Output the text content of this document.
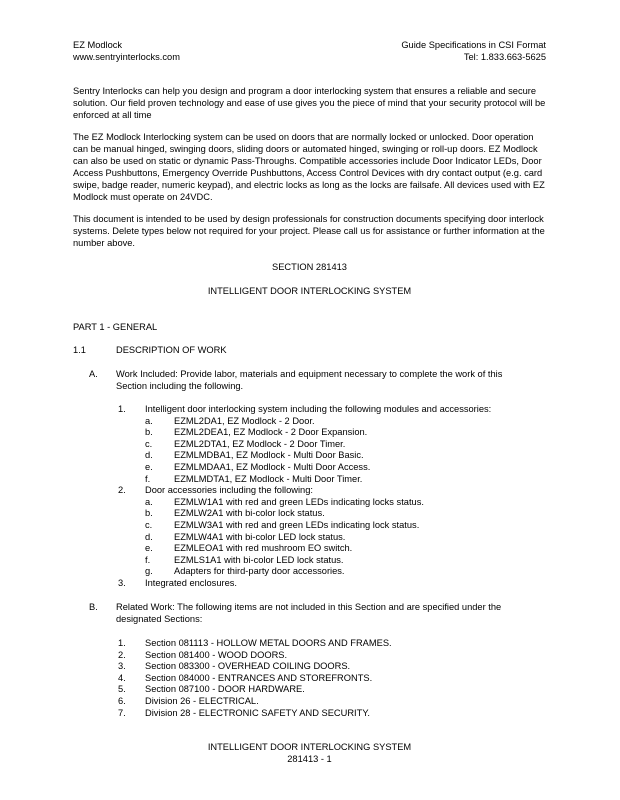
EZ Modlock
www.sentryinterlocks.com
Guide Specifications in CSI Format
Tel: 1.833.663-5625

Sentry Interlocks can help you design and program a door interlocking system that ensures a reliable and secure solution. Our field proven technology and ease of use gives you the piece of mind that your security protocol will be enforced at all time

The EZ Modlock Interlocking system can be used on doors that are normally locked or unlocked. Door operation can be manual hinged, swinging doors, sliding doors or automated hinged, swinging or roll-up doors. EZ Modlock can also be used on static or dynamic Pass-Throughs. Compatible accessories include Door Indicator LEDs, Door Access Pushbuttons, Emergency Override Pushbuttons, Access Control Devices with dry contact output (e.g. card swipe, badge reader, numeric keypad), and electric locks as long as the locks are failsafe. All devices used with EZ Modlock must operate on 24VDC.

This document is intended to be used by design professionals for construction documents specifying door interlock systems. Delete types below not required for your project. Please call us for assistance or further information at the number above.

SECTION 281413
INTELLIGENT DOOR INTERLOCKING SYSTEM
PART 1 - GENERAL
1.1	DESCRIPTION OF WORK
A. Work Included: Provide labor, materials and equipment necessary to complete the work of this
Section including the following.
1. Intelligent door interlocking system including the following modules and accessories:
a. EZML2DA1, EZ Modlock - 2 Door.
b. EZML2DEA1, EZ Modlock - 2 Door Expansion.
c. EZML2DTA1, EZ Modlock - 2 Door Timer.
d. EZMLMDBA1, EZ Modlock - Multi Door Basic.
e. EZMLMDAA1, EZ Modlock - Multi Door Access.
f.	EZMLMDTA1, EZ Modlock - Multi Door Timer.
2. Door accessories including the following:
a. EZMLW1A1 with red and green LEDs indicating locks status.
b. EZMLW2A1 with bi-color lock status.
c. EZMLW3A1 with red and green LEDs indicating lock status.
d. EZMLW4A1 with bi-color LED lock status.
e. EZMLEOA1 with red mushroom EO switch.
f.	EZMLS1A1 with bi-color LED lock status.
g. Adapters for third-party door accessories.
3. Integrated enclosures.
B. Related Work: The following items are not included in this Section and are specified under the
designated Sections:
1. Section 081113 - HOLLOW METAL DOORS AND FRAMES.
2. Section 081400 - WOOD DOORS.
3. Section 083300 - OVERHEAD COILING DOORS.
4. Section 084000 - ENTRANCES AND STOREFRONTS.
5. Section 087100 - DOOR HARDWARE.
6. Division 26 - ELECTRICAL.
7. Division 28 - ELECTRONIC SAFETY AND SECURITY.
INTELLIGENT DOOR INTERLOCKING SYSTEM
281413 - 1
